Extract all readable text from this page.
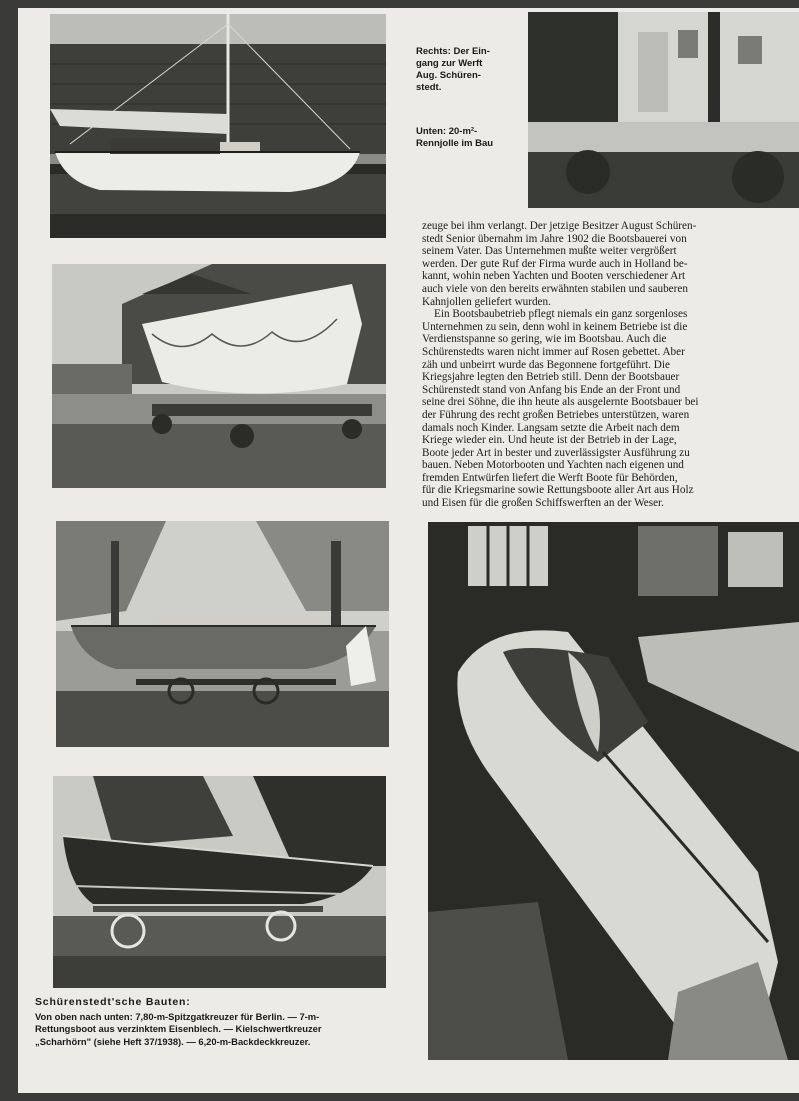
Rechts: Der Ein-
gang zur Werft
Aug. Schüren-
stedt.
Unten: 20-m²-
Rennjolle im Bau

zeuge bei ihm verlangt. Der jetzige Besitzer August Schüren-
stedt Senior übernahm im Jahre 1902 die Bootsbauerei von
seinem Vater. Das Unternehmen mußte weiter vergrößert
werden. Der gute Ruf der Firma wurde auch in Holland be-
kannt, wohin neben Yachten und Booten verschiedener Art
auch viele von den bereits erwähnten stabilen und sauberen
Kahnjollen geliefert wurden.

Ein Bootsbaubetrieb pflegt niemals ein ganz sorgenloses
Unternehmen zu sein, denn wohl in keinem Betriebe ist die
Verdienstspanne so gering, wie im Bootsbau. Auch die
Schürenstedts waren nicht immer auf Rosen gebettet. Aber
zäh und unbeirrt wurde das Begonnene fortgeführt. Die
Kriegsjahre legten den Betrieb still. Denn der Bootsbauer
Schürenstedt stand von Anfang bis Ende an der Front und
seine drei Söhne, die ihn heute als ausgelernte Bootsbauer bei
der Führung des recht großen Betriebes unterstützen, waren
damals noch Kinder. Langsam setzte die Arbeit nach dem
Kriege wieder ein. Und heute ist der Betrieb in der Lage,
Boote jeder Art in bester und zuverlässigster Ausführung zu
bauen. Neben Motorbooten und Yachten nach eigenen und
fremden Entwürfen liefert die Werft Boote für Behörden,
für die Kriegsmarine sowie Rettungsboote aller Art aus Holz
und Eisen für die großen Schiffswerften an der Weser.

Schürenstedt'sche Bauten:
Von oben nach unten: 7,80-m-Spitzgatkreuzer für Berlin. — 7-m-
Rettungsboot aus verzinktem Eisenblech. — Kielschwertkreuzer
„Scharhörn" (siehe Heft 37/1938). — 6,20-m-Backdeckkreuzer.
